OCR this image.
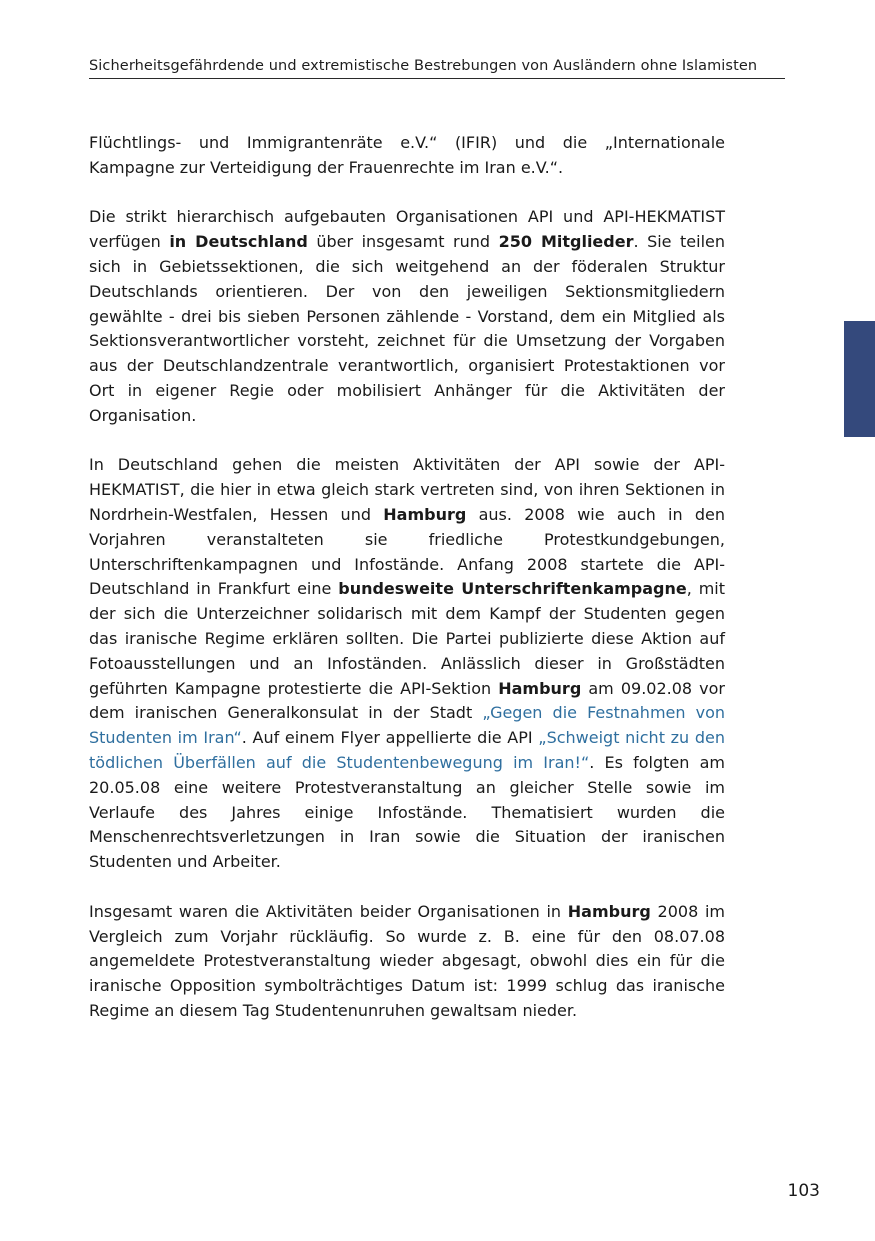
Sicherheitsgefährdende und extremistische Bestrebungen von Ausländern ohne Islamisten

Flüchtlings- und Immigrantenräte e.V.“ (IFIR) und die „Internationale Kampagne zur Verteidigung der Frauenrechte im Iran e.V.“.

Die strikt hierarchisch aufgebauten Organisationen API und API-HEKMATIST verfügen in Deutschland über insgesamt rund 250 Mitglieder. Sie teilen sich in Gebietssektionen, die sich weitgehend an der föderalen Struktur Deutschlands orientieren. Der von den jeweiligen Sektionsmitgliedern gewählte - drei bis sieben Personen zählende - Vorstand, dem ein Mitglied als Sektionsverantwortlicher vorsteht, zeichnet für die Umsetzung der Vorgaben aus der Deutschlandzentrale verantwortlich, organisiert Protestaktionen vor Ort in eigener Regie oder mobilisiert Anhänger für die Aktivitäten der Organisation.

In Deutschland gehen die meisten Aktivitäten der API sowie der API-HEKMATIST, die hier in etwa gleich stark vertreten sind, von ihren Sektionen in Nordrhein-Westfalen, Hessen und Hamburg aus. 2008 wie auch in den Vorjahren veranstalteten sie friedliche Protestkundgebungen, Unterschriftenkampagnen und Infostände. Anfang 2008 startete die API-Deutschland in Frankfurt eine bundesweite Unterschriftenkampagne, mit der sich die Unterzeichner solidarisch mit dem Kampf der Studenten gegen das iranische Regime erklären sollten. Die Partei publizierte diese Aktion auf Fotoausstellungen und an Infoständen. Anlässlich dieser in Großstädten geführten Kampagne protestierte die API-Sektion Hamburg am 09.02.08 vor dem iranischen Generalkonsulat in der Stadt „Gegen die Festnahmen von Studenten im Iran“. Auf einem Flyer appellierte die API „Schweigt nicht zu den tödlichen Überfällen auf die Studentenbewegung im Iran!“. Es folgten am 20.05.08 eine weitere Protestveranstaltung an gleicher Stelle sowie im Verlaufe des Jahres einige Infostände. Thematisiert wurden die Menschenrechtsverletzungen in Iran sowie die Situation der iranischen Studenten und Arbeiter.

Insgesamt waren die Aktivitäten beider Organisationen in Hamburg 2008 im Vergleich zum Vorjahr rückläufig. So wurde z. B. eine für den 08.07.08 angemeldete Protestveranstaltung wieder abgesagt, obwohl dies ein für die iranische Opposition symbolträchtiges Datum ist: 1999 schlug das iranische Regime an diesem Tag Studentenunruhen gewaltsam nieder.

103
